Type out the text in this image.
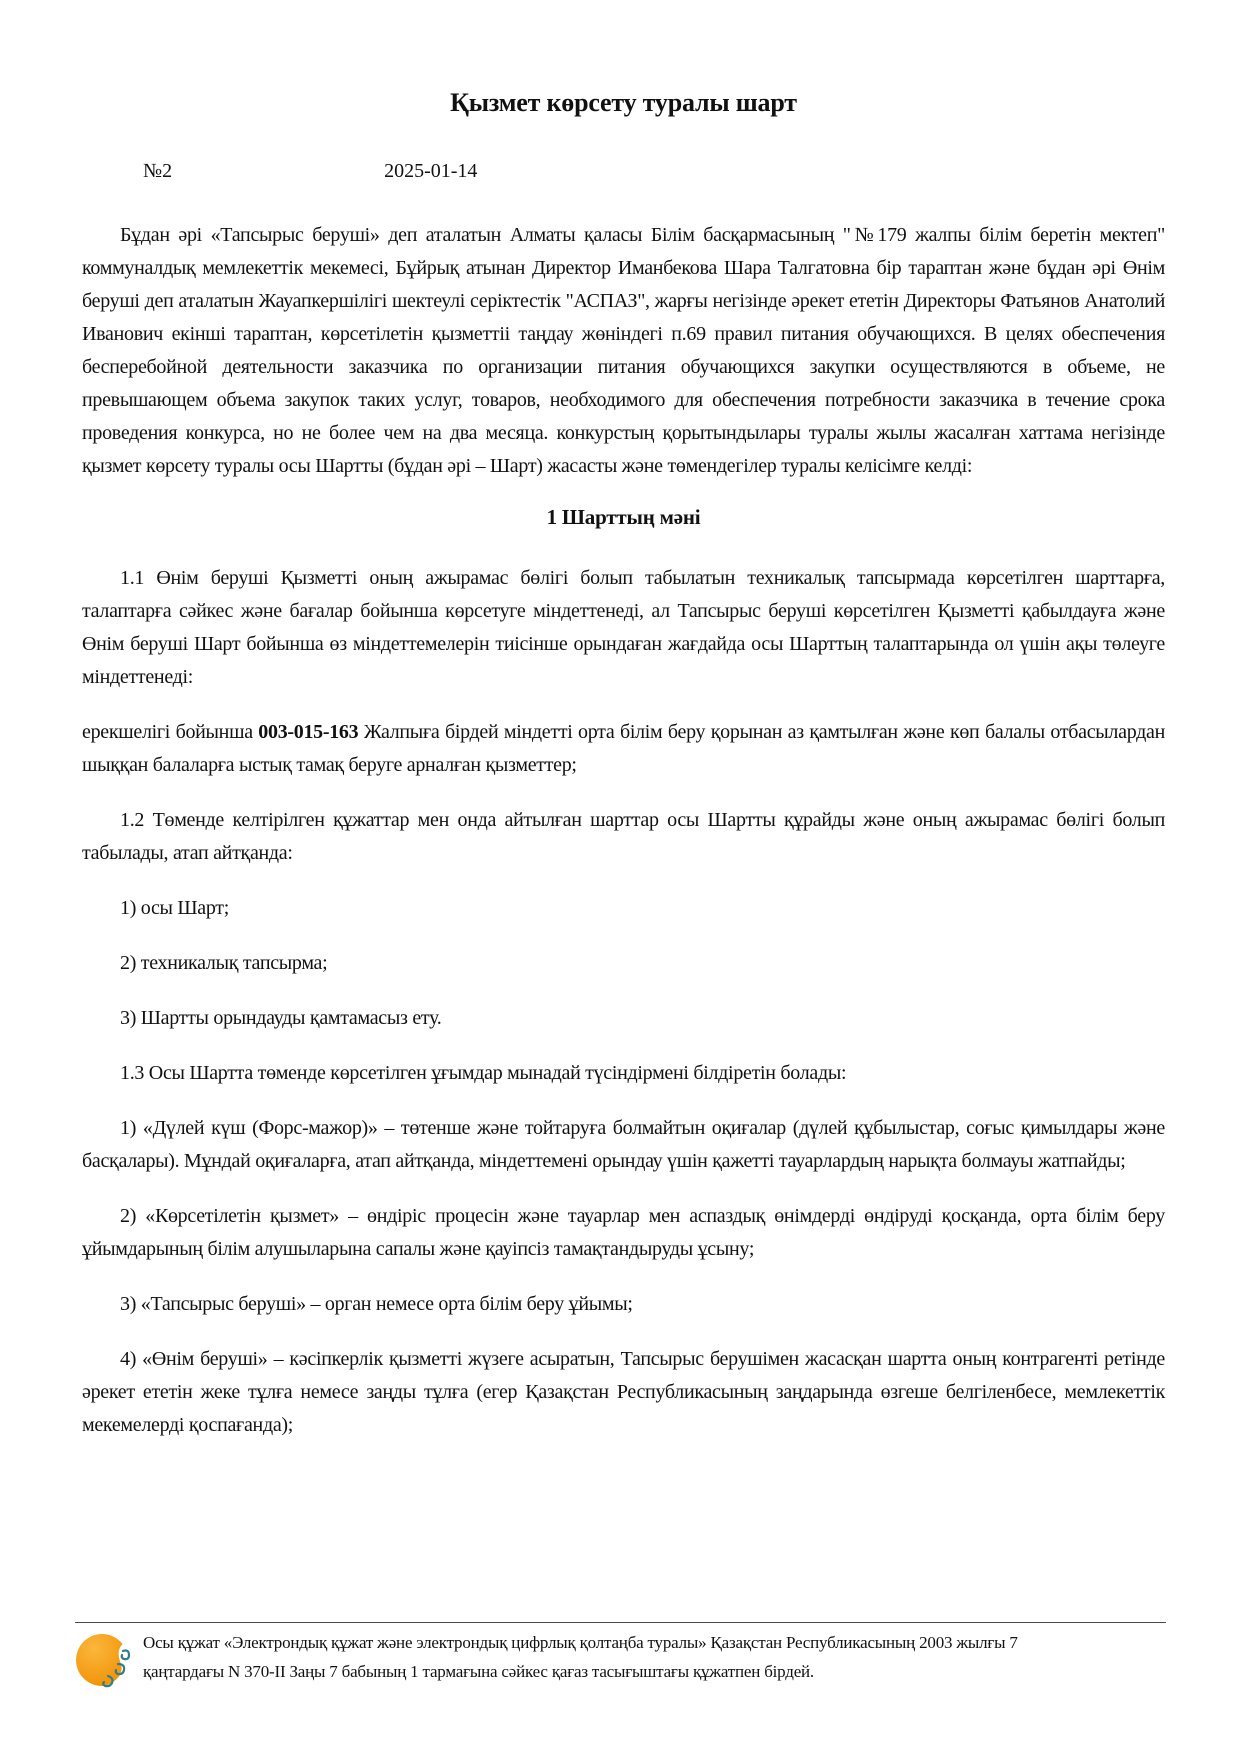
Қызмет көрсету туралы шарт
№2	2025-01-14

Бұдан әрі «Тапсырыс беруші» деп аталатын Алматы қаласы Білім басқармасының "№179 жалпы білім беретін мектеп" коммуналдық мемлекеттік мекемесі, Бұйрық атынан Директор Иманбекова Шара Талгатовна бір тараптан және бұдан әрі Өнім беруші деп аталатын Жауапкершілігі шектеулі серіктестік "АСПАЗ", жарғы негізінде әрекет ететін Директоры Фатьянов Анатолий Иванович екінші тараптан, көрсетілетін қызметтіі таңдау жөніндегі п.69 правил питания обучающихся. В целях обеспечения бесперебойной деятельности заказчика по организации питания обучающихся закупки осуществляются в объеме, не превышающем объема закупок таких услуг, товаров, необходимого для обеспечения потребности заказчика в течение срока проведения конкурса, но не более чем на два месяца. конкурстың қорытындылары туралы жылы жасалған хаттама негізінде қызмет көрсету туралы осы Шартты (бұдан әрі – Шарт) жасасты және төмендегілер туралы келісімге келді:

1 Шарттың мәні

1.1 Өнім беруші Қызметті оның ажырамас бөлігі болып табылатын техникалық тапсырмада көрсетілген шарттарға, талаптарға сәйкес және бағалар бойынша көрсетуге міндеттенеді, ал Тапсырыс беруші көрсетілген Қызметті қабылдауға және Өнім беруші Шарт бойынша өз міндеттемелерін тиісінше орындаған жағдайда осы Шарттың талаптарында ол үшін ақы төлеуге міндеттенеді:

ерекшелігі бойынша 003-015-163 Жалпыға бірдей міндетті орта білім беру қорынан аз қамтылған және көп балалы отбасылардан шыққан балаларға ыстық тамақ беруге арналған қызметтер;

1.2 Төменде келтірілген құжаттар мен онда айтылған шарттар осы Шартты құрайды және оның ажырамас бөлігі болып табылады, атап айтқанда:

1) осы Шарт;

2) техникалық тапсырма;

3) Шартты орындауды қамтамасыз ету.

1.3 Осы Шартта төменде көрсетілген ұғымдар мынадай түсіндірмені білдіретін болады:

1) «Дүлей күш (Форс-мажор)» – төтенше және тойтаруға болмайтын оқиғалар (дүлей құбылыстар, соғыс қимылдары және басқалары). Мұндай оқиғаларға, атап айтқанда, міндеттемені орындау үшін қажетті тауарлардың нарықта болмауы жатпайды;

2) «Көрсетілетін қызмет» – өндіріс процесін және тауарлар мен аспаздық өнімдерді өндіруді қосқанда, орта білім беру ұйымдарының білім алушыларына сапалы және қауіпсіз тамақтандыруды ұсыну;

3) «Тапсырыс беруші» – орган немесе орта білім беру ұйымы;

4) «Өнім беруші» – кәсіпкерлік қызметті жүзеге асыратын, Тапсырыс берушімен жасасқан шартта оның контрагенті ретінде әрекет ететін жеке тұлға немесе заңды тұлға (егер Қазақстан Республикасының заңдарында өзгеше белгіленбесе, мемлекеттік мекемелерді қоспағанда);

Осы құжат «Электрондық құжат және электрондық цифрлық қолтаңба туралы» Қазақстан Республикасының 2003 жылғы 7 қаңтардағы N 370-II Заңы 7 бабының 1 тармағына сәйкес қағаз тасығыштағы құжатпен бірдей.
